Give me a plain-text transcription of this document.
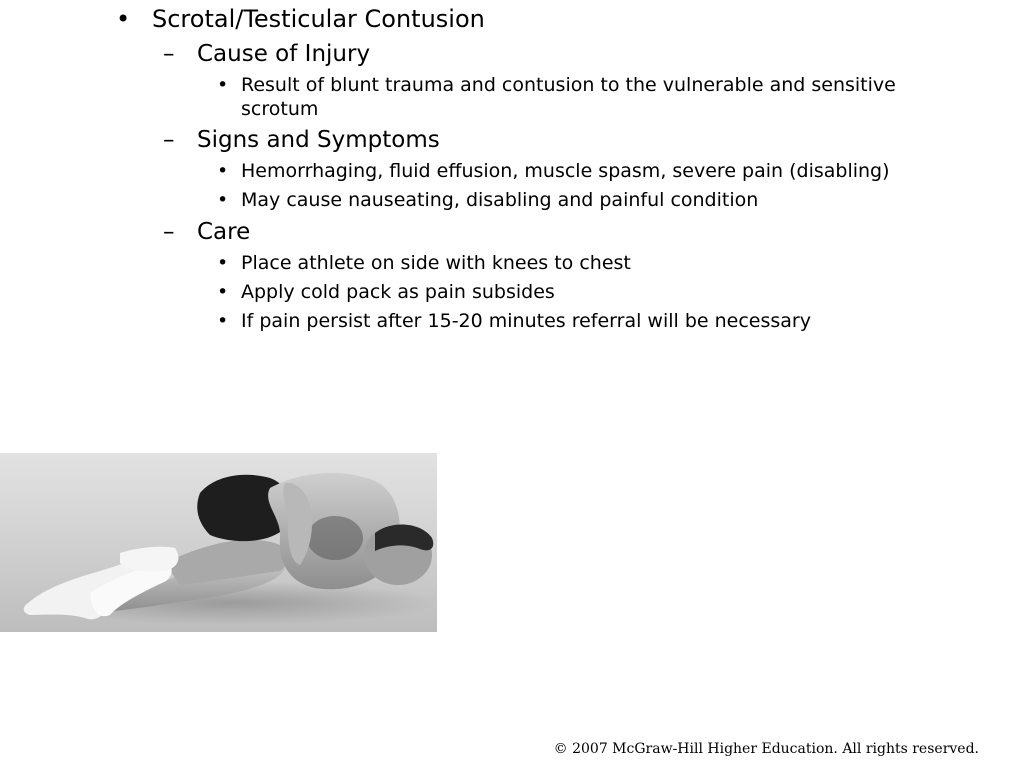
• Scrotal/Testicular Contusion
– Cause of Injury
• Result of blunt trauma and contusion to the vulnerable and sensitive scrotum
– Signs and Symptoms
• Hemorrhaging, fluid effusion, muscle spasm, severe pain (disabling)
• May cause nauseating, disabling and painful condition
– Care
• Place athlete on side with knees to chest
• Apply cold pack as pain subsides
• If pain persist after 15-20 minutes referral will be necessary
© 2007 McGraw-Hill Higher Education. All rights reserved.
